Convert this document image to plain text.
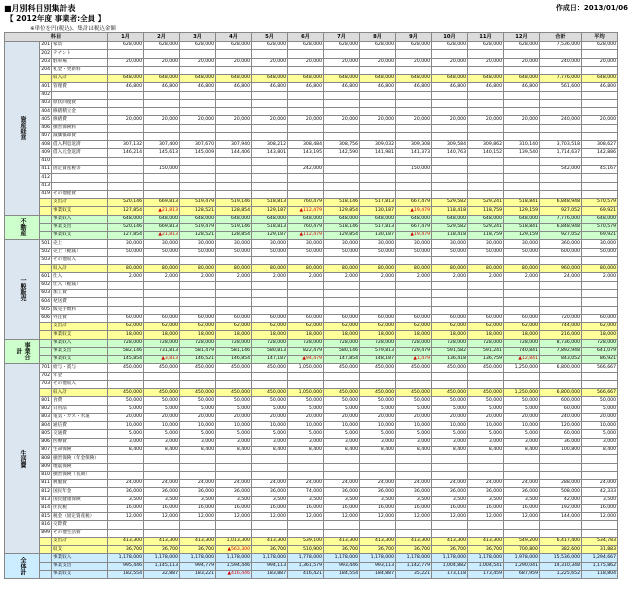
■月別科目別集計表	作成日：2013/01/06
【 2012年度 事業者:全員 】
※単位を円(税込)、集計は税込金額
科目			1月	2月	3月	4月	5月	6月	7月	8月	9月	10月	11月	12月	合計	平均
資産経営	201	家賃	628,000	628,000	628,000	628,000	628,000	628,000	628,000	628,000	628,000	628,000	628,000	628,000	7,536,000	628,000
	202	テナント														
	203	駐車場	20,000	20,000	20,000	20,000	20,000	20,000	20,000	20,000	20,000	20,000	20,000	20,000	240,000	20,000
	204	礼金・更新料														
		収入計	648,000	648,000	648,000	648,000	648,000	648,000	648,000	648,000	648,000	648,000	648,000	648,000	7,776,000	648,000
	401	管理費	46,800	46,800	46,800	46,800	46,800	46,800	46,800	46,800	46,800	46,800	46,800	46,800	561,600	46,800
	402															
	403	原状回復費														
	404	修繕積立金														
	405	修繕費	20,000	20,000	20,000	20,000	20,000	20,000	20,000	20,000	20,000	20,000	20,000	20,000	240,000	20,000
	406	損害保険料														
	407	減価償却費														
	408	借入利息返済	307,132	307,400	307,670	307,940	308,212	308,484	308,756	309,032	309,308	309,584	309,862	310,140	3,703,518	308,627
	409	借入元金返済	146,214	145,613	145,009	144,406	143,801	143,195	142,590	141,981	141,373	140,763	140,152	139,540	1,714,637	142,886
	410															
	411	固定資産税等		150,000				242,000			150,000				542,000	45,167
	412															
	413															
	419	その他経費														
		支出計	520,146	669,813	519,479	519,146	518,813	760,479	518,146	517,813	667,479	529,582	529,241	518,841	6,848,948	570,579
		事業収支	127,854	▲21,813	128,521	128,854	129,187	▲112,479	129,854	130,187	▲19,479	118,418	118,759	129,159	927,052	69,921
不動産		事業収入	648,000	648,000	648,000	648,000	648,000	648,000	648,000	648,000	648,000	648,000	648,000	648,000	7,776,000	648,000
		事業支出	520,146	669,813	519,479	519,146	518,813	760,479	518,146	517,813	667,479	529,582	529,241	518,841	6,848,948	570,579
		事業収支	127,854	▲21,813	128,521	128,854	129,187	▲112,479	129,854	130,187	▲19,479	118,418	118,759	129,159	927,052	69,921
一般販売	501	売上	30,000	30,000	30,000	30,000	30,000	30,000	30,000	30,000	30,000	30,000	30,000	30,000	360,000	30,000
	502	売上（軽減）	50,000	50,000	50,000	50,000	50,000	50,000	50,000	50,000	50,000	50,000	50,000	50,000	600,000	50,000
	503	その他収入														
		収入計	80,000	80,000	80,000	80,000	80,000	80,000	80,000	80,000	80,000	80,000	80,000	80,000	960,000	80,000
	601	仕入	2,000	2,000	2,000	2,000	2,000	2,000	2,000	2,000	2,000	2,000	2,000	2,000	24,000	2,000
	602	仕入（軽減）														
	603	加工費														
	604	発送費														
	605	販売手数料														
	606	外注費	60,000	60,000	60,000	60,000	60,000	60,000	60,000	60,000	60,000	60,000	60,000	60,000	720,000	60,000
		支出計	62,000	62,000	62,000	62,000	62,000	62,000	62,000	62,000	62,000	62,000	62,000	62,000	744,000	62,000
		事業収支	18,000	18,000	18,000	18,000	18,000	18,000	18,000	18,000	18,000	18,000	18,000	18,000	216,000	18,000
事業合計		事業収入	728,000	728,000	728,000	728,000	728,000	728,000	728,000	728,000	728,000	728,000	728,000	728,000	8,736,000	728,000
		事業支出	582,146	731,813	581,479	581,146	580,813	822,479	580,146	579,813	729,479	591,582	591,241	740,841	7,892,948	641,079
		事業収支	145,854	▲3,813	146,521	146,854	147,187	▲94,479	147,854	148,187	▲1,479	136,418	136,759	▲12,841	843,052	86,921
生活費	701	給与・賞与	450,000	450,000	450,000	450,000	450,000	1,050,000	450,000	450,000	450,000	450,000	450,000	1,250,000	6,800,000	566,667
	702	年金														
	703	その他収入														
		収入計	450,000	450,000	450,000	450,000	450,000	1,050,000	450,000	450,000	450,000	450,000	450,000	1,250,000	6,800,000	566,667
	801	食費	50,000	50,000	50,000	50,000	50,000	50,000	50,000	50,000	50,000	50,000	50,000	50,000	600,000	50,000
	802	日用品	5,000	5,000	5,000	5,000	5,000	5,000	5,000	5,000	5,000	5,000	5,000	5,000	60,000	5,000
	803	電気・ガス・水道	20,000	20,000	20,000	20,000	20,000	20,000	20,000	20,000	20,000	20,000	20,000	20,000	240,000	20,000
	804	通信費	10,000	10,000	10,000	10,000	10,000	10,000	10,000	10,000	10,000	10,000	10,000	10,000	120,000	10,000
	805	交通費	5,000	5,000	5,000	5,000	5,000	5,000	5,000	5,000	5,000	5,000	5,000	5,000	60,000	5,000
	806	医療費	3,000	3,000	3,000	3,000	3,000	3,000	3,000	3,000	3,000	3,000	3,000	3,000	36,000	3,000
	807	生命保険	8,400	8,400	8,400	8,400	8,400	8,400	8,400	8,400	8,400	8,400	8,400	8,400	100,800	8,400
	808	損害保険（年金保険）														
	809	地震保険														
	810	損害保険（長期）														
	811	被服費	24,000	24,000	24,000	24,000	24,000	24,000	24,000	24,000	24,000	24,000	24,000	24,000	288,000	24,000
	812	国民年金	36,000	36,000	36,000	36,000	36,000	74,000	36,000	36,000	36,000	36,000	36,000	36,000	508,000	42,333
	813	国民健康保険	3,500	3,500	3,500	3,500	3,500	3,500	3,500	3,500	3,500	3,500	3,500	3,500	42,000	3,500
	814	住民税	16,000	16,000	16,000	16,000	16,000	16,000	16,000	16,000	16,000	16,000	16,000	16,000	192,000	16,000
	815	税金（固定資産税）	12,000	12,000	12,000	12,000	12,000	12,000	12,000	12,000	12,000	12,000	12,000	12,000	144,000	12,000
	816	交際費														
	899	その他生活費														
		支出計	413,300	413,300	413,300	1,013,300	413,300	539,100	413,300	413,300	413,300	413,300	413,300	549,200	6,417,400	534,783
		収支	36,700	36,700	36,700	▲563,300	36,700	510,900	36,700	36,700	36,700	36,700	36,700	700,800	382,600	31,883
全体計		事業収入	1,178,000	1,178,000	1,178,000	1,178,000	1,178,000	1,778,000	1,178,000	1,178,000	1,178,000	1,178,000	1,178,000	1,978,000	15,536,000	1,294,667
		事業支出	995,446	1,145,113	994,779	1,594,446	994,113	1,361,579	993,446	993,113	1,142,779	1,004,882	1,004,541	1,290,041	14,310,348	1,175,862
		事業収支	182,554	32,887	183,221	▲416,446	183,887	416,421	184,554	184,887	35,221	173,118	173,459	687,959	1,225,652	118,804
